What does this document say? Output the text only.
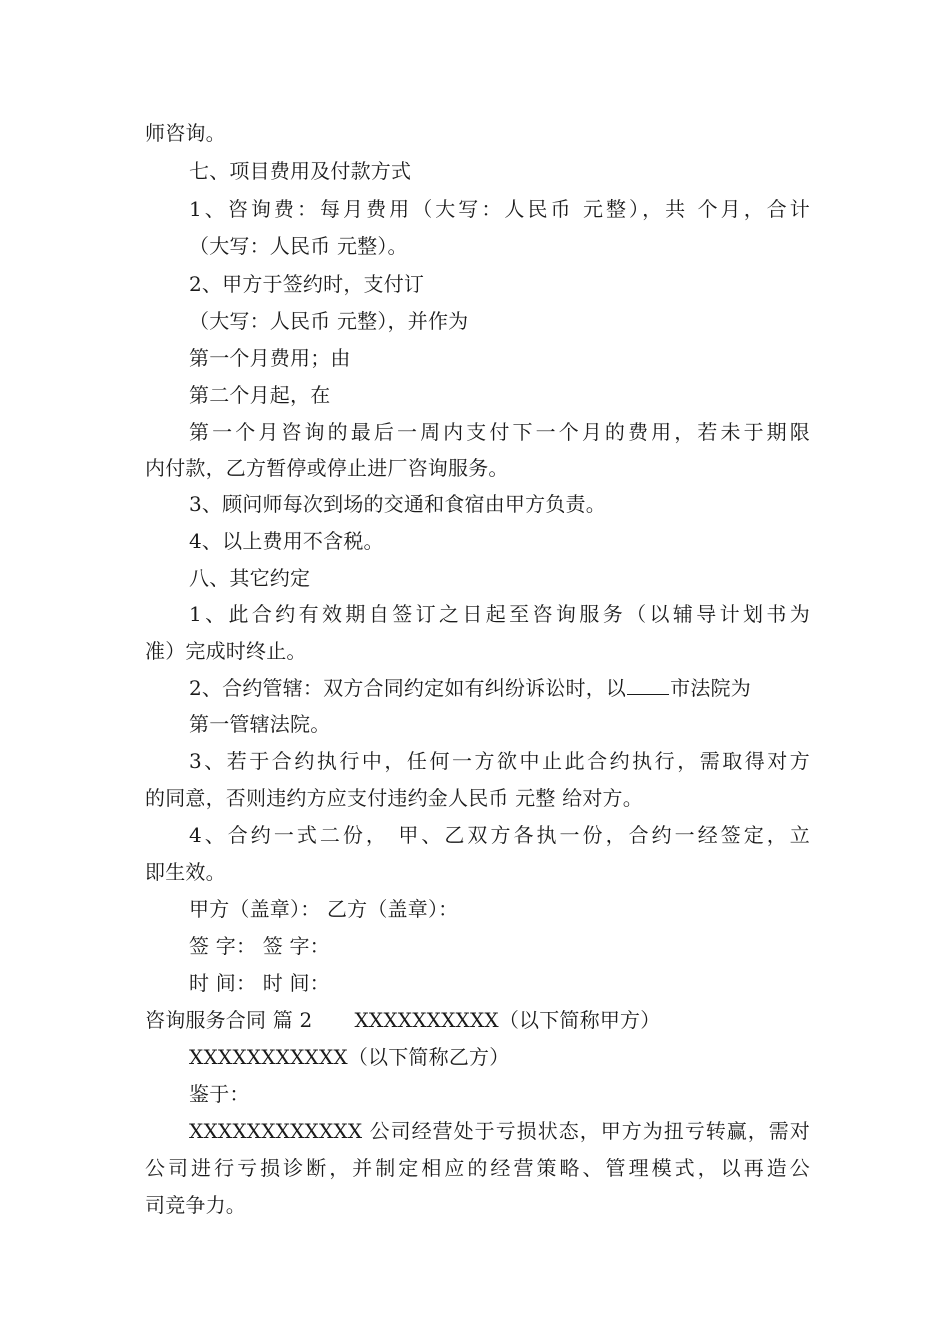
师咨询。
七、项目费用及付款方式
1、咨询费：每月费用（大写：人民币 元整），共 个月，合计
（大写：人民币 元整）。
2、甲方于签约时，支付订
（大写：人民币 元整），并作为
第一个月费用；由
第二个月起，在
第一个月咨询的最后一周内支付下一个月的费用，若未于期限
内付款，乙方暂停或停止进厂咨询服务。
3、顾问师每次到场的交通和食宿由甲方负责。
4、以上费用不含税。
八、其它约定
1、此合约有效期自签订之日起至咨询服务（以辅导计划书为
准）完成时终止。
2、合约管辖：双方合同约定如有纠纷诉讼时，以 市法院为
第一管辖法院。
3、若于合约执行中，任何一方欲中止此合约执行，需取得对方
的同意，否则违约方应支付违约金人民币 元整 给对方。
4、合约一式二份， 甲、乙双方各执一份，合约一经签定，立
即生效。
甲方（盖章）： 乙方（盖章）：
签 字： 签 字：
时 间： 时 间：
咨询服务合同 篇 2 XXXXXXXXXX（以下简称甲方）
XXXXXXXXXXX（以下简称乙方）
鉴于：
XXXXXXXXXXXX 公司经营处于亏损状态，甲方为扭亏转赢，需对
公司进行亏损诊断，并制定相应的经营策略、管理模式，以再造公
司竞争力。
